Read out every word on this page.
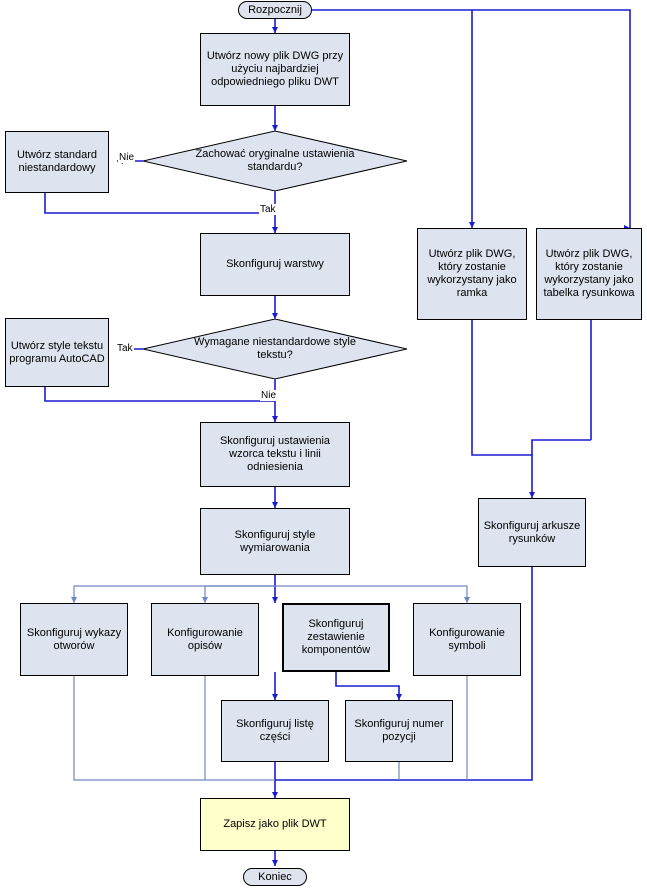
Rozpocznij
Utwórz nowy plik DWG przy użyciu najbardziej odpowiedniego pliku DWT
Zachować oryginalne ustawienia standardu?
Utwórz standard niestandardowy
Nie
Tak
Skonfiguruj warstwy
Wymagane niestandardowe style tekstu?
Utwórz style tekstu programu AutoCAD
Tak
Nie
Skonfiguruj ustawienia wzorca tekstu i linii odniesienia
Skonfiguruj style wymiarowania
Skonfiguruj wykazy otworów
Konfigurowanie opisów
Skonfiguruj zestawienie komponentów
Konfigurowanie symboli
Skonfiguruj listę części
Skonfiguruj numer pozycji
Utwórz plik DWG, który zostanie wykorzystany jako ramka
Utwórz plik DWG, który zostanie wykorzystany jako tabelka rysunkowa
Skonfiguruj arkusze rysunków
Zapisz jako plik DWT
Koniec
